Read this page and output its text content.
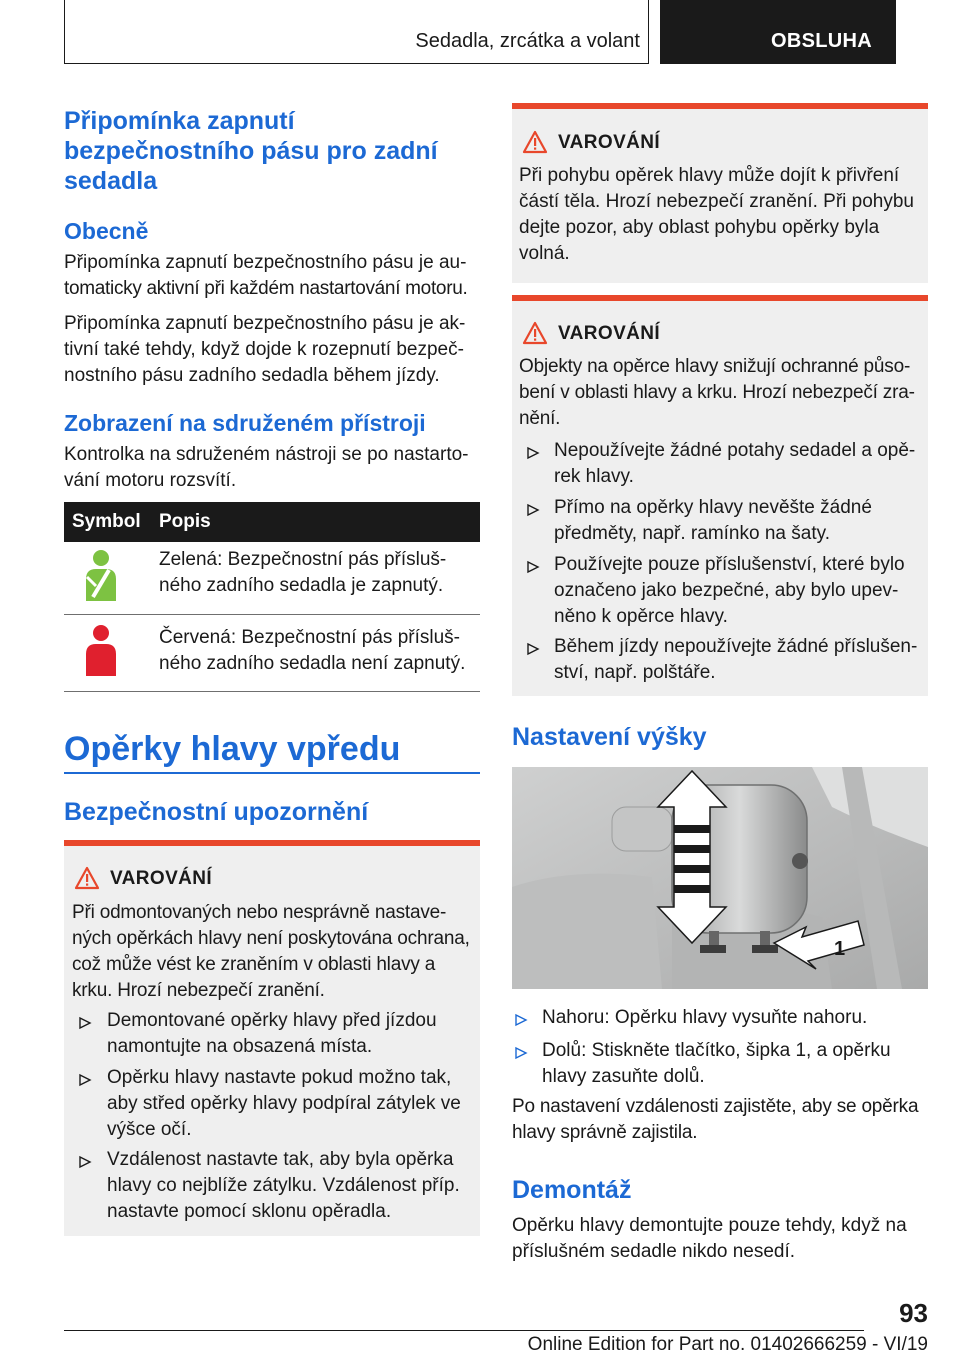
Sedadla, zrcátka a volant	OBSLUHA
Připomínka zapnutí
bezpečnostního pásu pro zadní
sedadla
Obecně
Připomínka zapnutí bezpečnostního pásu je au-
tomaticky aktivní při každém nastartování motoru.
Připomínka zapnutí bezpečnostního pásu je ak-
tivní také tehdy, když dojde k rozepnutí bezpeč-
nostního pásu zadního sedadla během jízdy.
Zobrazení na sdruženém přístroji
Kontrolka na sdruženém nástroji se po nastarto-
vání motoru rozsvítí.
Symbol Popis
Zelená: Bezpečnostní pás přísluš-
ného zadního sedadla je zapnutý.
Červená: Bezpečnostní pás přísluš-
ného zadního sedadla není zapnutý.
Opěrky hlavy vpředu
Bezpečnostní upozornění
VAROVÁNÍ
Při odmontovaných nebo nesprávně nastave-
ných opěrkách hlavy není poskytována ochrana,
což může vést ke zraněním v oblasti hlavy a
krku. Hrozí nebezpečí zranění.
Demontované opěrky hlavy před jízdou
namontujte na obsazená místa.
Opěrku hlavy nastavte pokud možno tak,
aby střed opěrky hlavy podpíral zátylek ve
výšce očí.
Vzdálenost nastavte tak, aby byla opěrka
hlavy co nejblíže zátylku. Vzdálenost příp.
nastavte pomocí sklonu opěradla.
VAROVÁNÍ
Při pohybu opěrek hlavy může dojít k přivření
částí těla. Hrozí nebezpečí zranění. Při pohybu
dejte pozor, aby oblast pohybu opěrky byla
volná.
VAROVÁNÍ
Objekty na opěrce hlavy snižují ochranné půso-
bení v oblasti hlavy a krku. Hrozí nebezpečí zra-
nění.
Nepoužívejte žádné potahy sedadel a opě-
rek hlavy.
Přímo na opěrky hlavy nevěšte žádné
předměty, např. ramínko na šaty.
Používejte pouze příslušenství, které bylo
označeno jako bezpečné, aby bylo upev-
něno k opěrce hlavy.
Během jízdy nepoužívejte žádné příslušen-
ství, např. polštáře.
Nastavení výšky
1
Nahoru: Opěrku hlavy vysuňte nahoru.
Dolů: Stiskněte tlačítko, šipka 1, a opěrku
hlavy zasuňte dolů.
Po nastavení vzdálenosti zajistěte, aby se opěrka
hlavy správně zajistila.
Demontáž
Opěrku hlavy demontujte pouze tehdy, když na
příslušném sedadle nikdo nesedí.
93
Online Edition for Part no. 01402666259 - VI/19
